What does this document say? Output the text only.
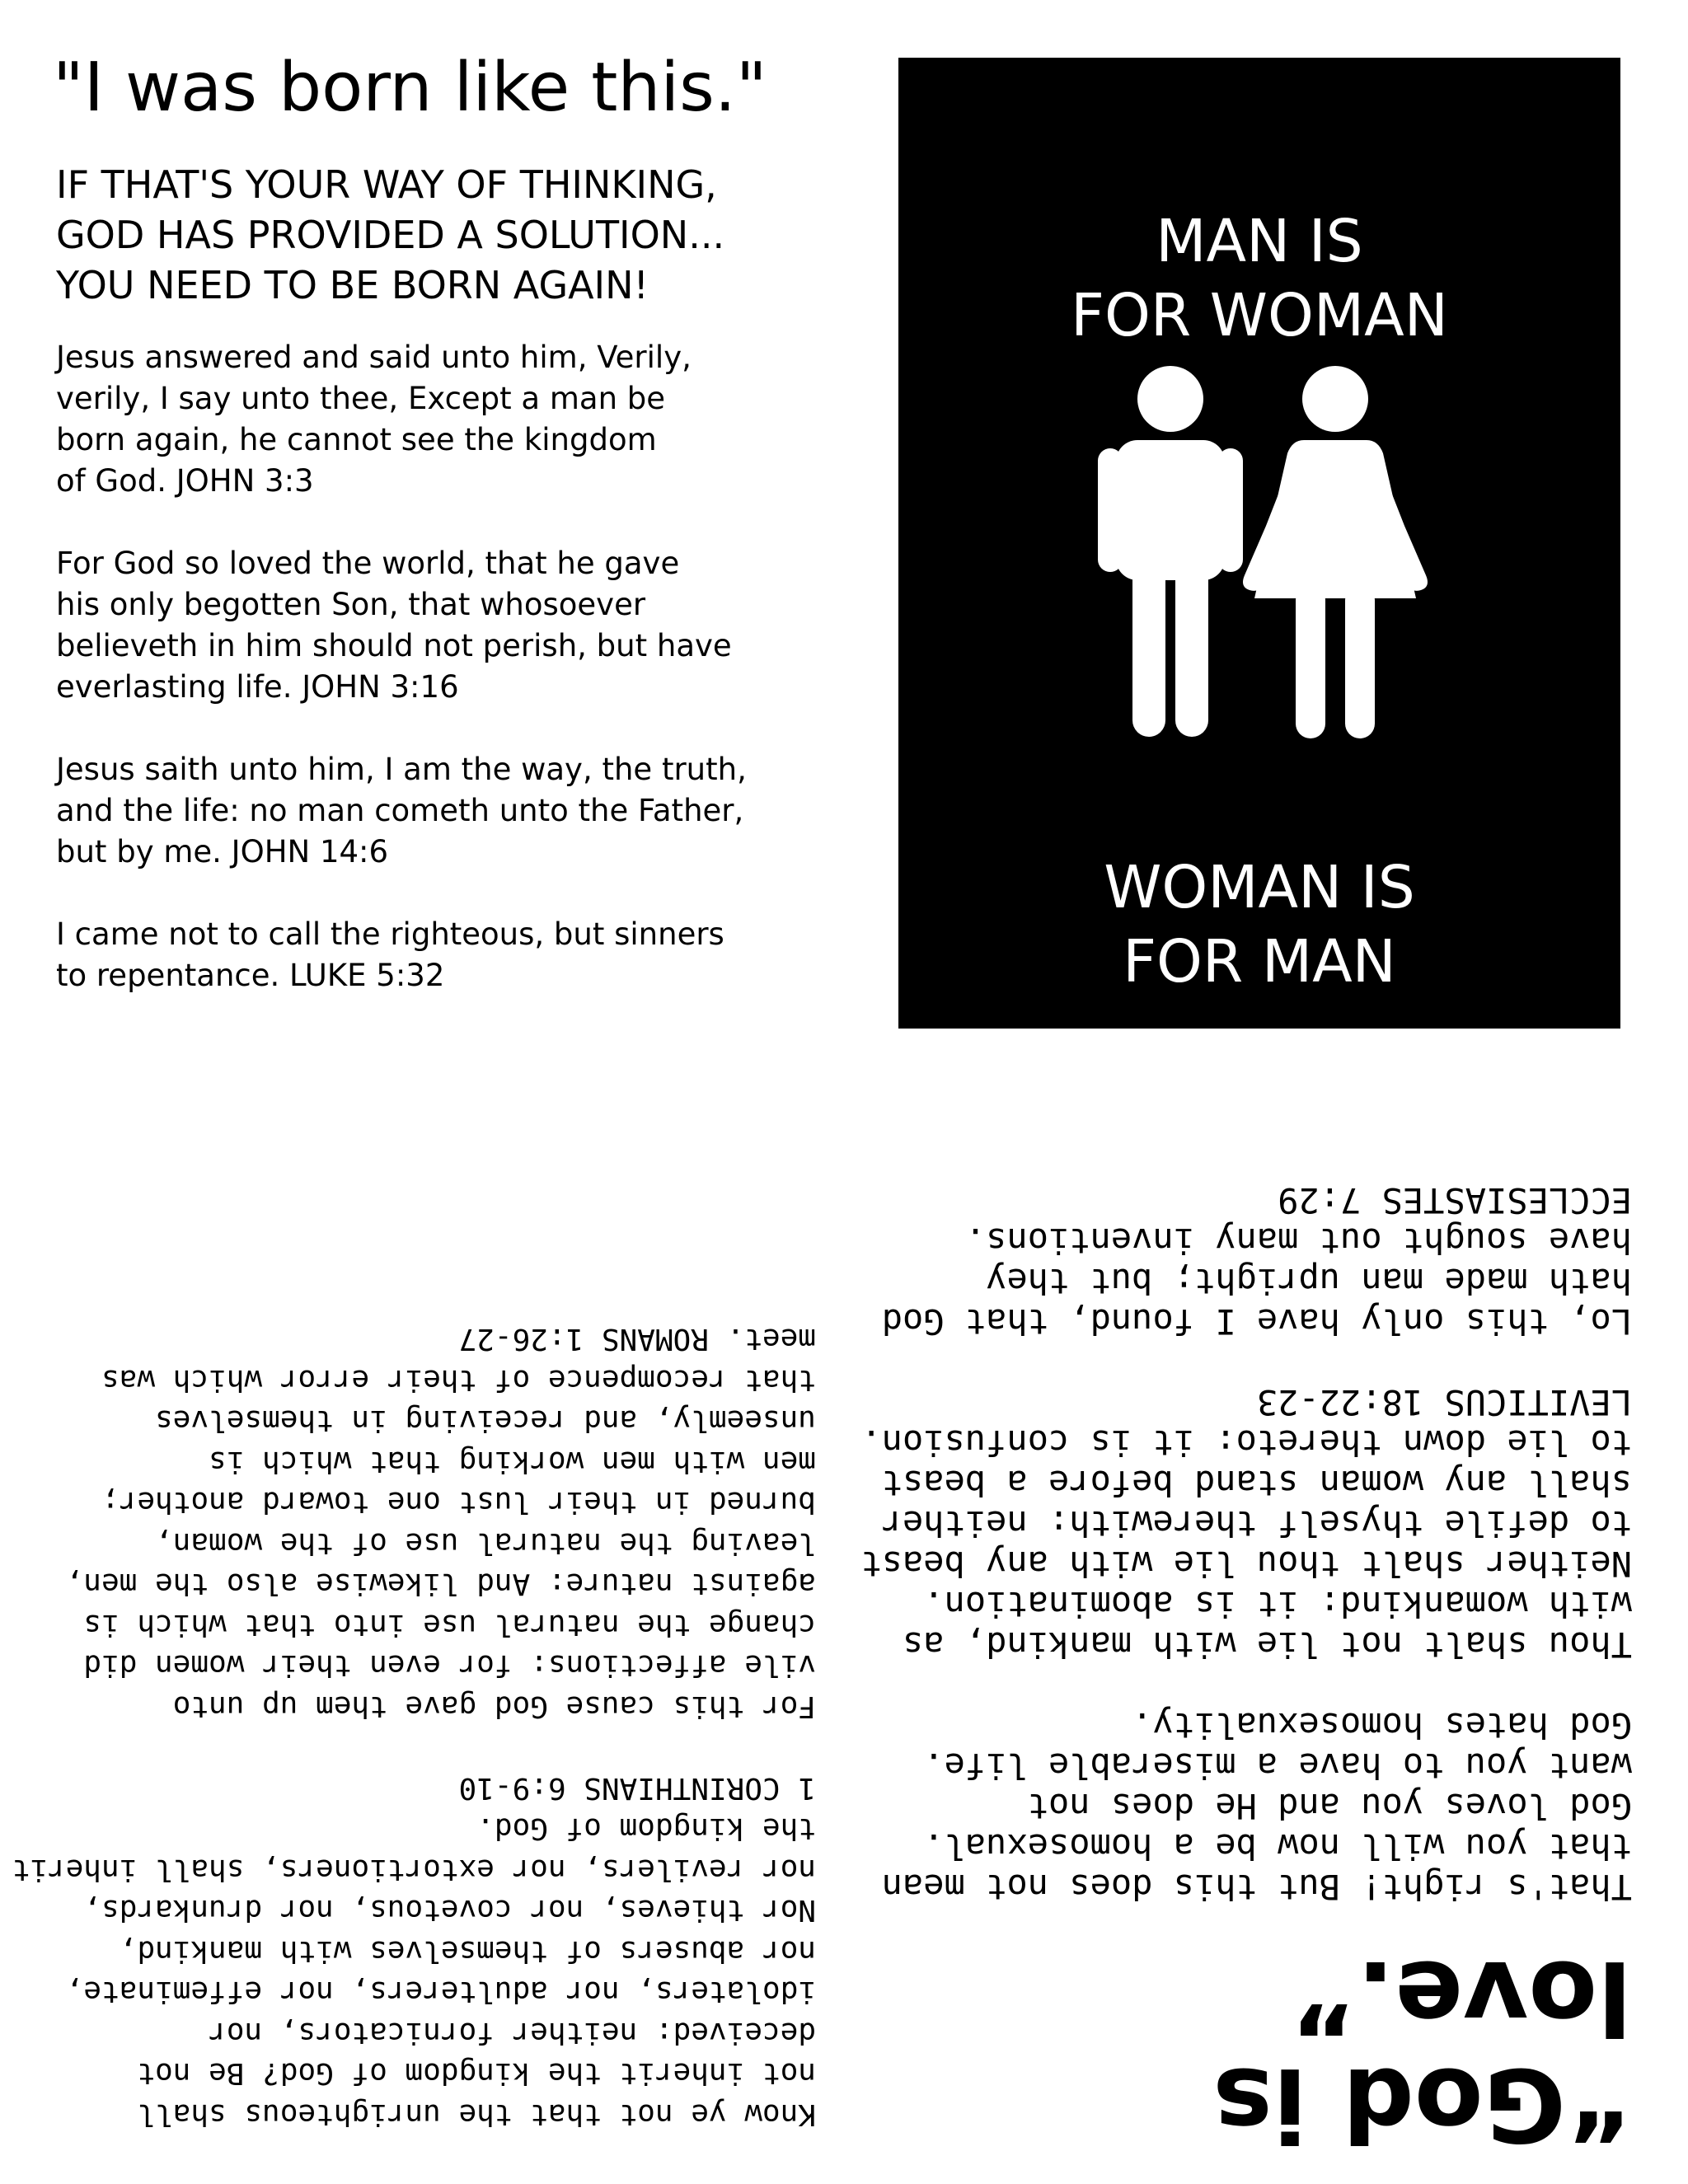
"I was born like this."
IF THAT'S YOUR WAY OF THINKING,
GOD HAS PROVIDED A SOLUTION...
YOU NEED TO BE BORN AGAIN!
Jesus answered and said unto him, Verily,
verily, I say unto thee, Except a man be
born again, he cannot see the kingdom
of God. JOHN 3:3
For God so loved the world, that he gave
his only begotten Son, that whosoever
believeth in him should not perish, but have
everlasting life. JOHN 3:16
Jesus saith unto him, I am the way, the truth,
and the life: no man cometh unto the Father,
but by me. JOHN 14:6
I came not to call the righteous, but sinners
to repentance. LUKE 5:32
MAN IS
FOR WOMAN
WOMAN IS
FOR MAN
Know ye not that the unrighteous shall
not inherit the kingdom of God? Be not
deceived: neither fornicators, nor
idolaters, nor adulterers, nor effeminate,
nor abusers of themselves with mankind,
Nor thieves, nor covetous, nor drunkards,
nor revilers, nor extortioners, shall inherit
the kingdom of God.
1 CORINTHIANS 6:9-10
For this cause God gave them up unto
vile affections: for even their women did
change the natural use into that which is
against nature: And likewise also the men,
leaving the natural use of the woman,
burned in their lust one toward another;
men with men working that which is
unseemly, and receiving in themselves
that recompence of their error which was
meet. ROMANS 1:26-27
“God is love.”
That's right! But this does not mean
that you will now be a homosexual.
God loves you and He does not
want you to have a miserable life.
God hates homosexuality.
Thou shalt not lie with mankind, as
with womankind: it is abomination.
Neither shalt thou lie with any beast
to defile thyself therewith: neither
shall any woman stand before a beast
to lie down thereto: it is confusion.
LEVITICUS 18:22-23
Lo, this only have I found, that God
hath made man upright; but they
have sought out many inventions.
ECCLESIASTES 7:29
